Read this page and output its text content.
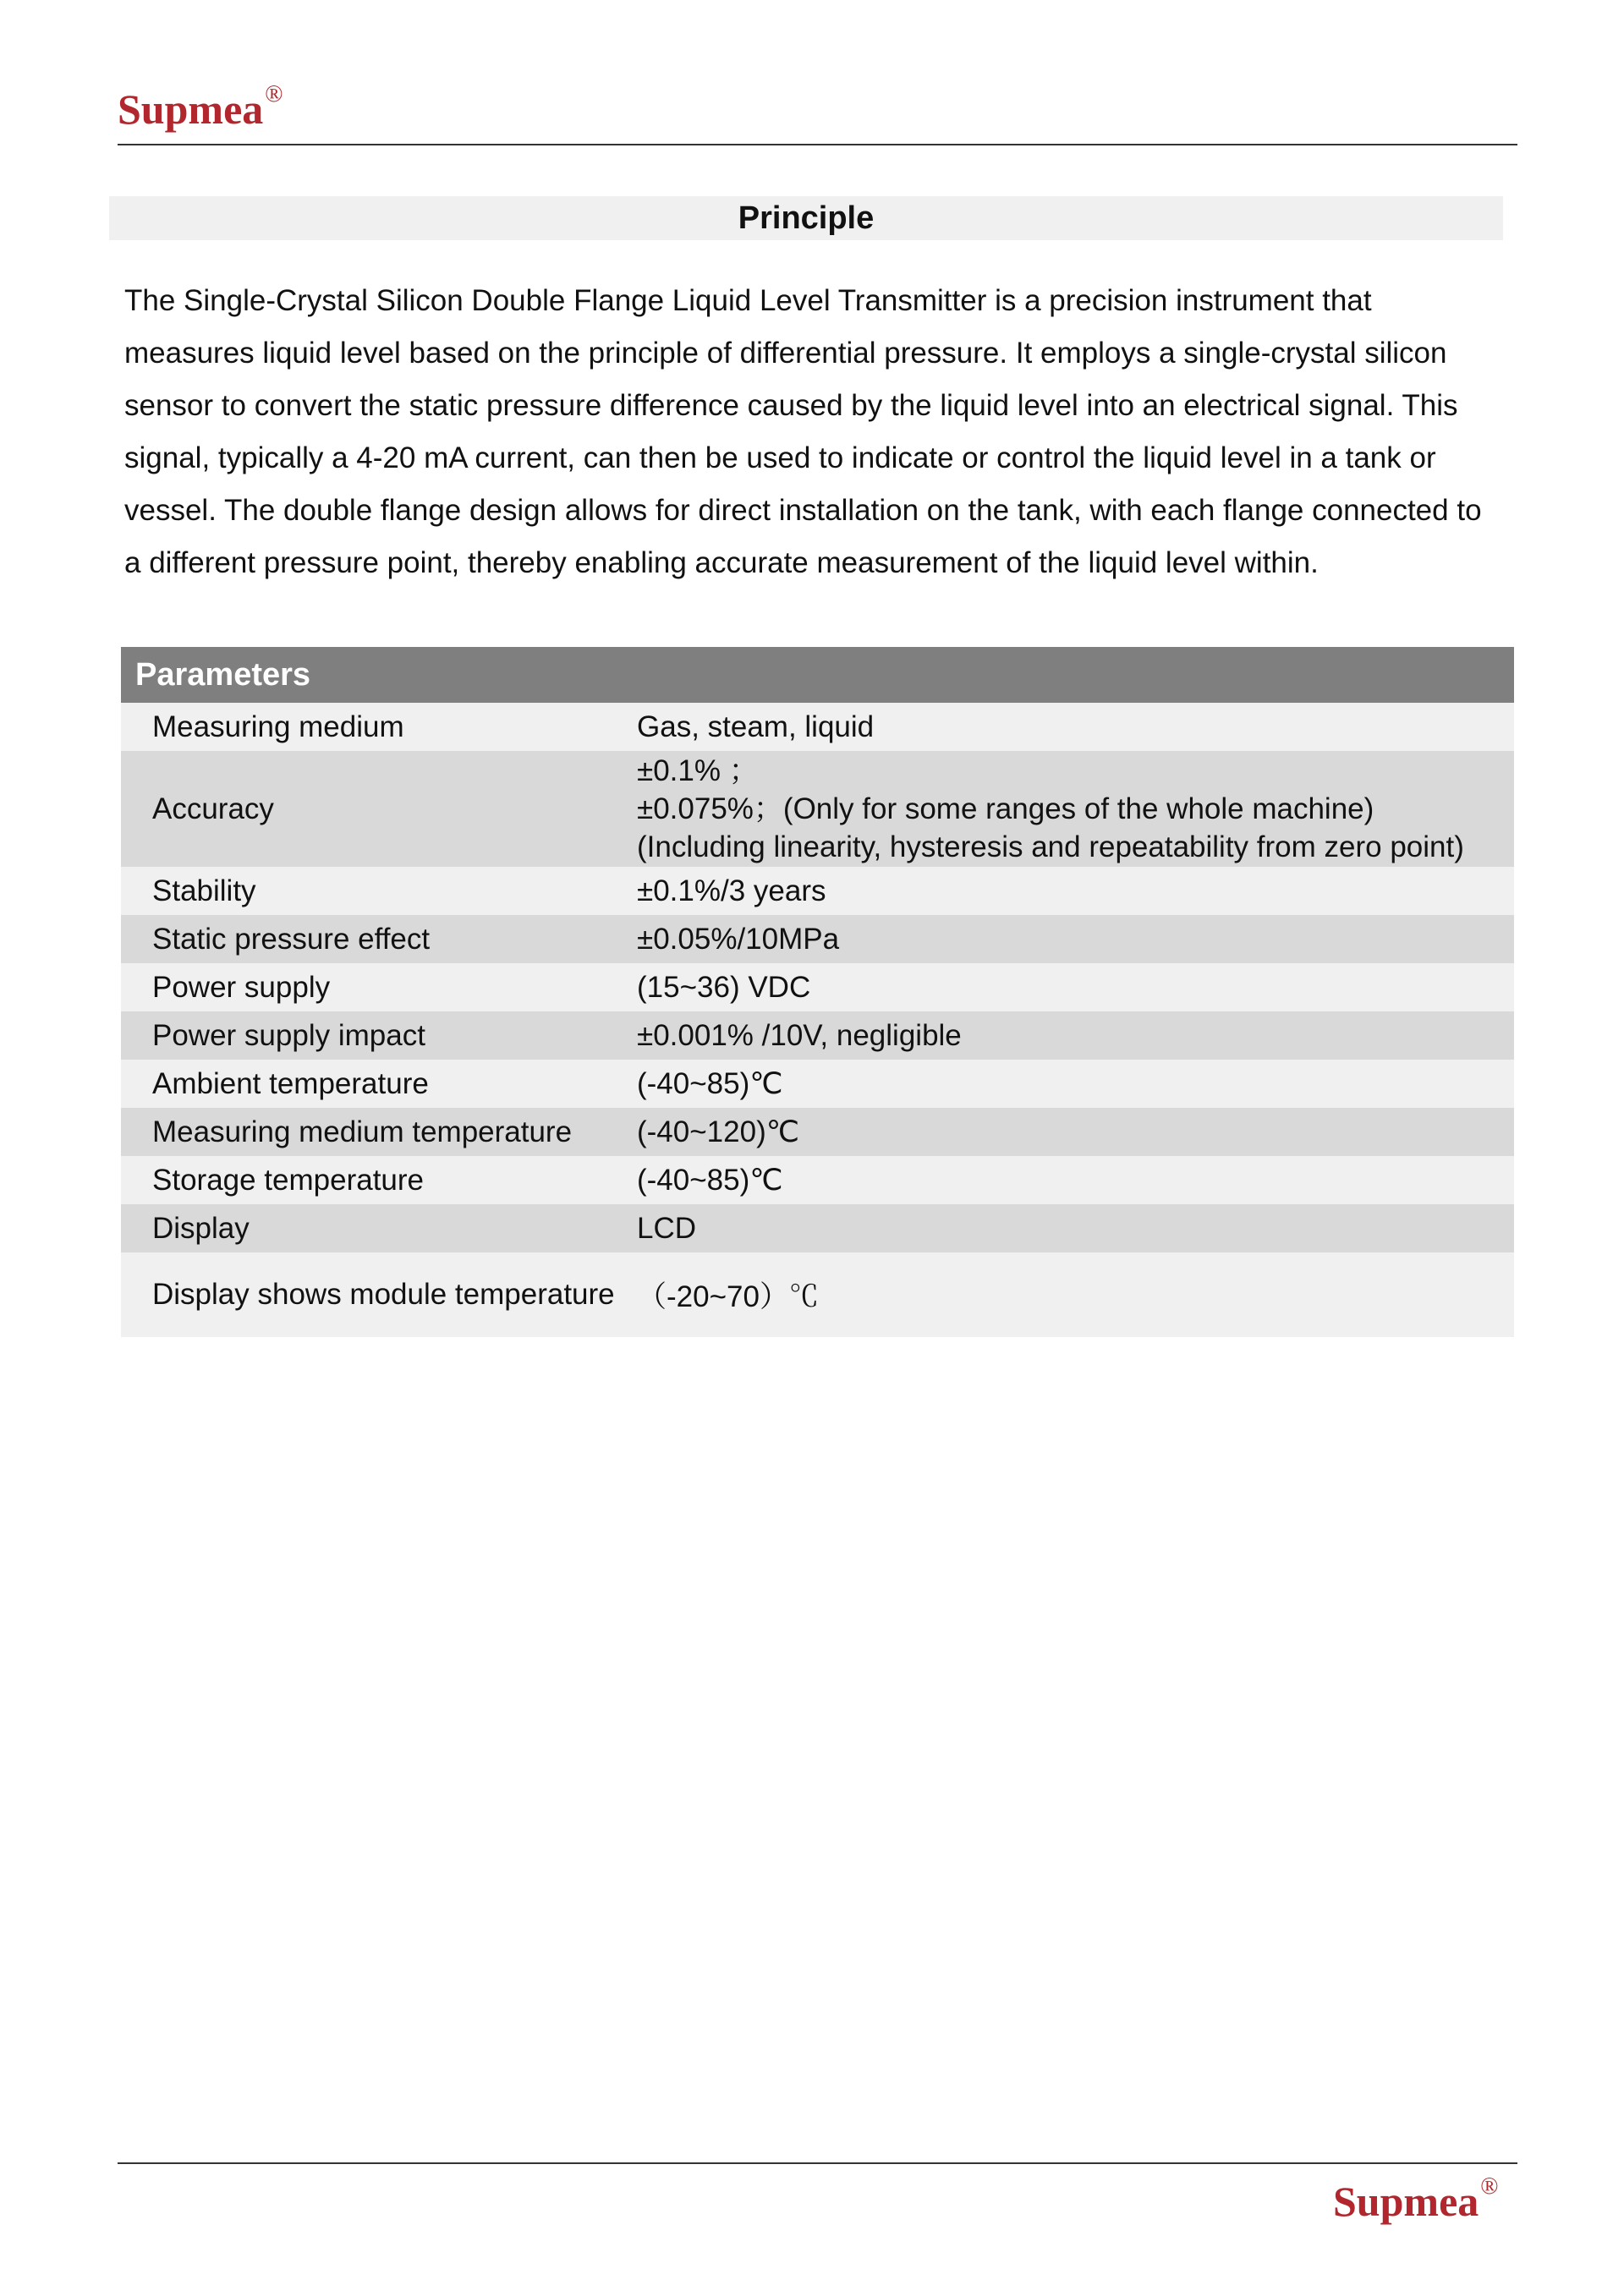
Supmea®
Principle
The Single-Crystal Silicon Double Flange Liquid Level Transmitter is a precision instrument that measures liquid level based on the principle of differential pressure. It employs a single-crystal silicon sensor to convert the static pressure difference caused by the liquid level into an electrical signal. This signal, typically a 4-20 mA current, can then be used to indicate or control the liquid level in a tank or vessel. The double flange design allows for direct installation on the tank, with each flange connected to a different pressure point, thereby enabling accurate measurement of the liquid level within.
Parameters	
Measuring medium	Gas, steam, liquid
Accuracy	±0.1% ；
±0.075%；(Only for some ranges of the whole machine)
(Including linearity, hysteresis and repeatability from zero point)

Stability	±0.1%/3 years
Static pressure effect	±0.05%/10MPa
Power supply	(15~36) VDC
Power supply impact	±0.001% /10V, negligible
Ambient temperature	(-40~85)℃
Measuring medium temperature	(-40~120)℃
Storage temperature	(-40~85)℃
Display	LCD

Display shows module temperature	（-20~70）℃
Supmea®
